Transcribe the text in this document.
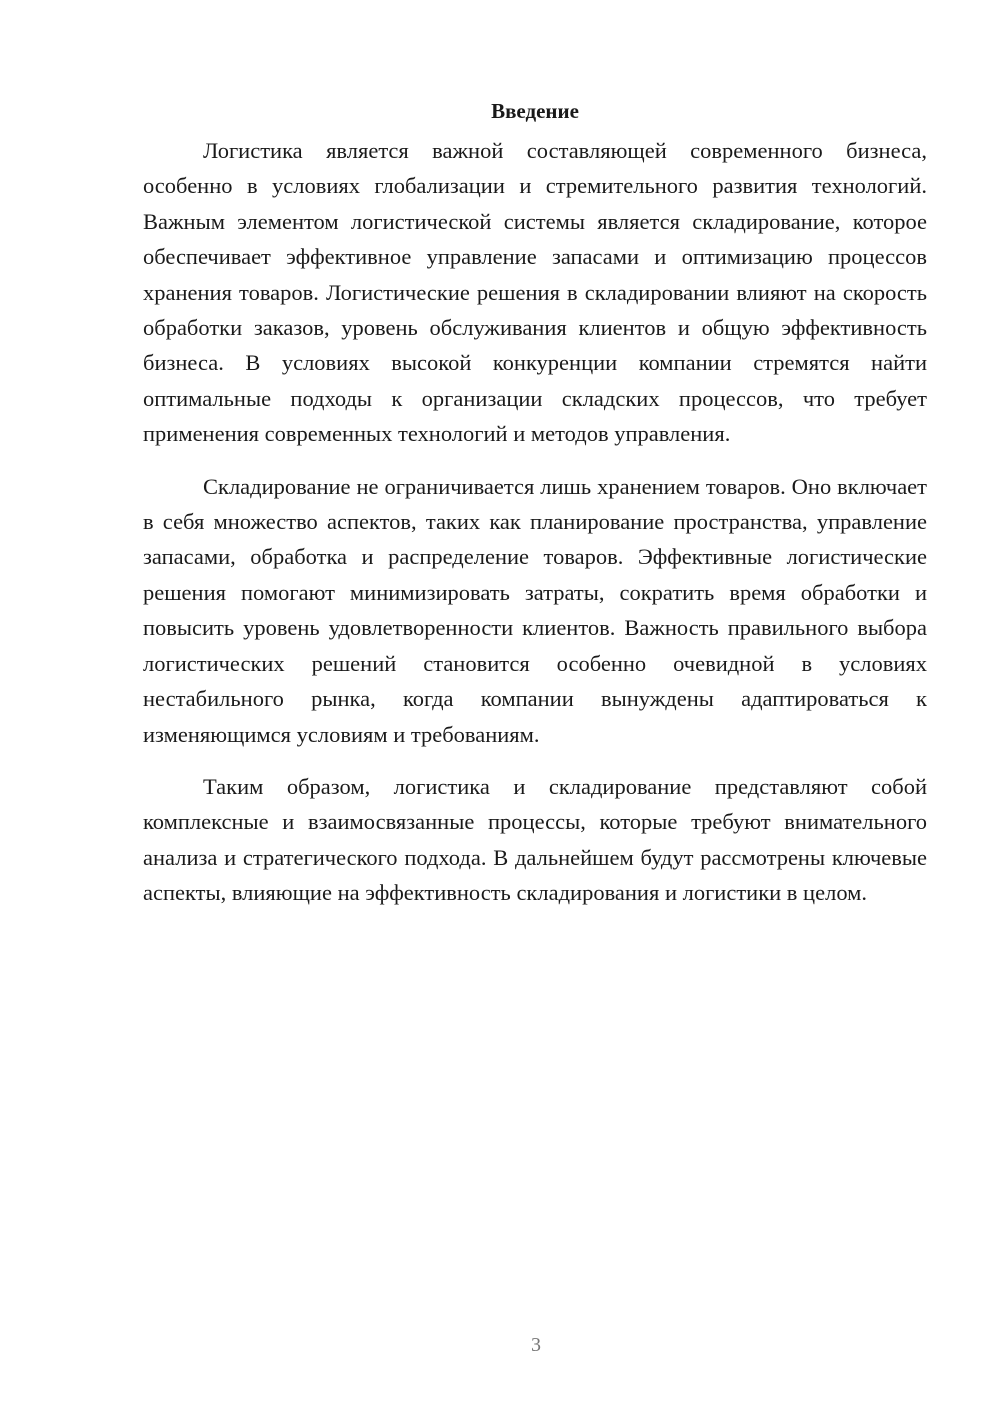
Введение

Логистика является важной составляющей современного бизнеса, особенно в условиях глобализации и стремительного развития технологий. Важным элементом логистической системы является складирование, которое обеспечивает эффективное управление запасами и оптимизацию процессов хранения товаров. Логистические решения в складировании влияют на скорость обработки заказов, уровень обслуживания клиентов и общую эффективность бизнеса. В условиях высокой конкуренции компании стремятся найти оптимальные подходы к организации складских процессов, что требует применения современных технологий и методов управления.

Складирование не ограничивается лишь хранением товаров. Оно включает в себя множество аспектов, таких как планирование пространства, управление запасами, обработка и распределение товаров. Эффективные логистические решения помогают минимизировать затраты, сократить время обработки и повысить уровень удовлетворенности клиентов. Важность правильного выбора логистических решений становится особенно очевидной в условиях нестабильного рынка, когда компании вынуждены адаптироваться к изменяющимся условиям и требованиям.

Таким образом, логистика и складирование представляют собой комплексные и взаимосвязанные процессы, которые требуют внимательного анализа и стратегического подхода. В дальнейшем будут рассмотрены ключевые аспекты, влияющие на эффективность складирования и логистики в целом.

3
